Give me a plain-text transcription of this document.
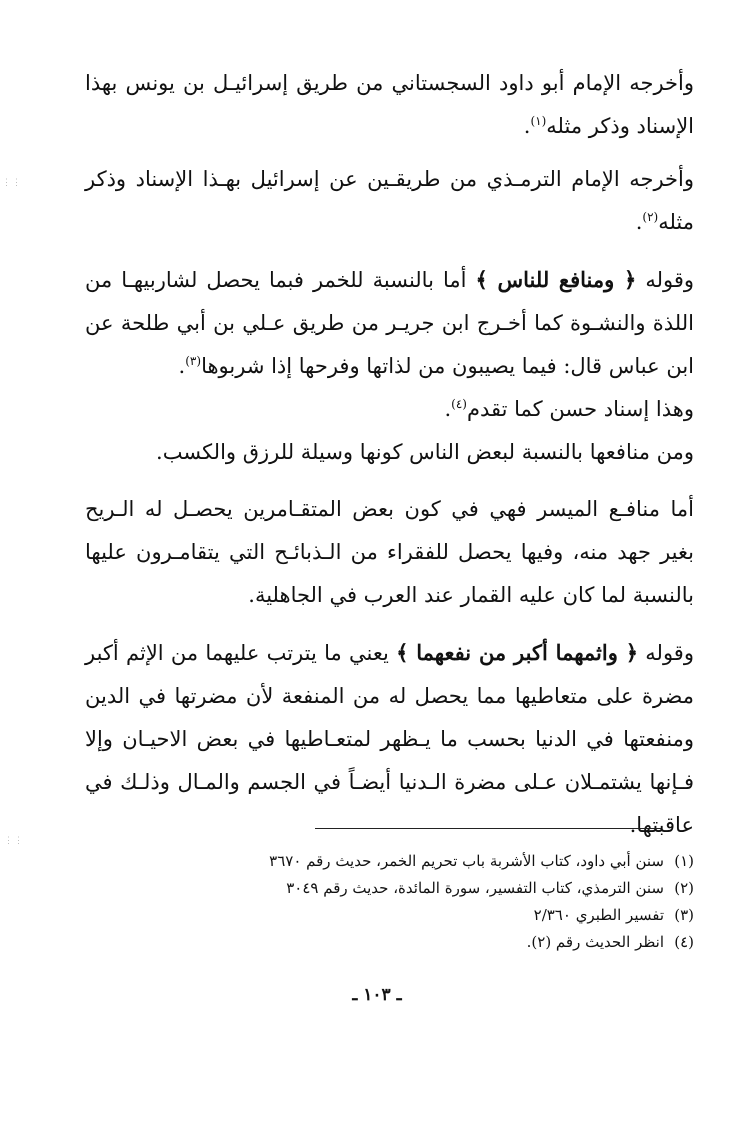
وأخرجه الإمام أبو داود السجستاني من طريق إسرائيـل بن يونس بهذا الإسناد وذكر مثله$^{(١)}$.

وأخرجه الإمام الترمـذي من طريقـين عن إسرائيل بهـذا الإسناد وذكر مثله$^{(٢)}$.

وقوله ﴿ ومنافع للناس ﴾ أما بالنسبة للخمر فبما يحصل لشاربيهـا من اللذة والنشـوة كما أخـرج ابن جريـر من طريق عـلي بن أبي طلحة عن ابن عباس قال: فيما يصيبون من لذاتها وفرحها إذا شربوها$^{(٣)}$.

وهذا إسناد حسن كما تقدم$^{(٤)}$.

ومن منافعها بالنسبة لبعض الناس كونها وسيلة للرزق والكسب.

أما منافـع الميسر فهي في كون بعض المتقـامرين يحصـل له الـريح بغير جهد منه، وفيها يحصل للفقراء من الـذبائـح التي يتقامـرون عليها بالنسبة لما كان عليه القمار عند العرب في الجاهلية.

وقوله ﴿ واثمهما أكبر من نفعهما ﴾ يعني ما يترتب عليهما من الإثم أكبر مضرة على متعاطيها مما يحصل له من المنفعة لأن مضرتها في الدين ومنفعتها في الدنيا بحسب ما يـظهر لمتعـاطيها في بعض الاحيـان وإلا فـإنها يشتمـلان عـلى مضرة الـدنيا أيضـاً في الجسم والمـال وذلـك في عاقبتها.

(١)سنن أبي داود، كتاب الأشربة باب تحريم الخمر، حديث رقم ٣٦٧٠
(٢)سنن الترمذي، كتاب التفسير، سورة المائدة، حديث رقم ٣٠٤٩
(٣)تفسير الطبري ٢/٣٦٠
(٤)انظر الحديث رقم (٢).
ـ ١٠٣ ـ
⋮⋮
⋮⋮
